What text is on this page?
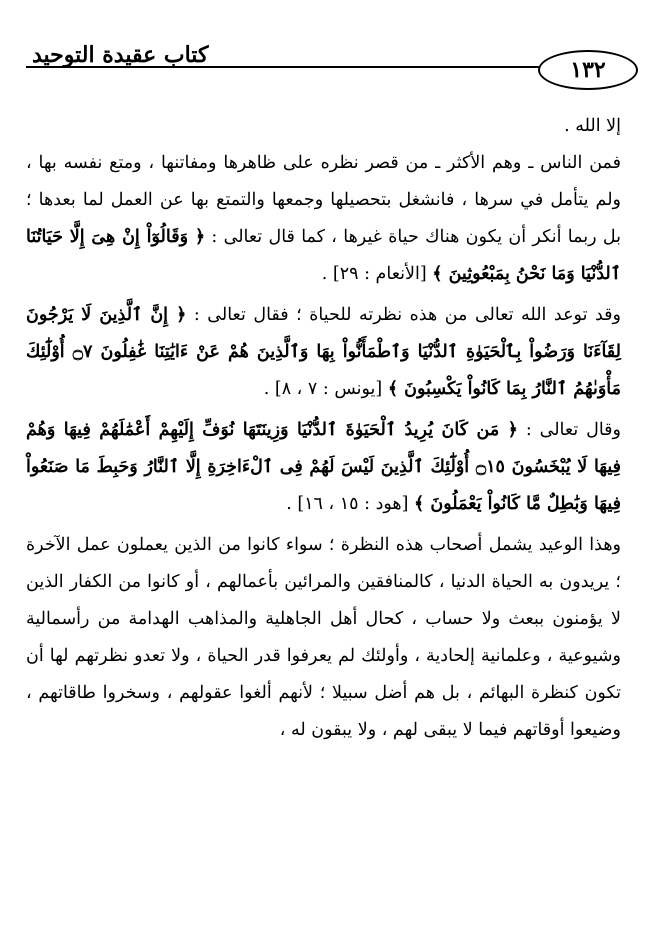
١٣٢
كتاب عقيدة التوحيد

إلا الله .

فمن الناس ـ وهم الأكثر ـ من قصر نظره على ظاهرها ومفاتنها ، ومتع نفسه بها ، ولم يتأمل في سرها ، فانشغل بتحصيلها وجمعها والتمتع بها عن العمل لما بعدها ؛ بل ربما أنكر أن يكون هناك حياة غيرها ، كما قال تعالى : ﴿ وَقَالُوٓاْ إِنْ هِىَ إِلَّا حَيَاتُنَا ٱلدُّنْيَا وَمَا نَحْنُ بِمَبْعُوثِينَ ﴾ [الأنعام : ٢٩] .

وقد توعد الله تعالى من هذه نظرته للحياة ؛ فقال تعالى : ﴿ إِنَّ ٱلَّذِينَ لَا يَرْجُونَ لِقَآءَنَا وَرَضُواْ بِٱلْحَيَوٰةِ ٱلدُّنْيَا وَٱطْمَأَنُّواْ بِهَا وَٱلَّذِينَ هُمْ عَنْ ءَايَٰتِنَا غَٰفِلُونَ ۝٧ أُوْلَٰٓئِكَ مَأْوَىٰهُمُ ٱلنَّارُ بِمَا كَانُواْ يَكْسِبُونَ ﴾ [يونس : ٧ ، ٨] .

وقال تعالى : ﴿ مَن كَانَ يُرِيدُ ٱلْحَيَوٰةَ ٱلدُّنْيَا وَزِينَتَهَا نُوَفِّ إِلَيْهِمْ أَعْمَٰلَهُمْ فِيهَا وَهُمْ فِيهَا لَا يُبْخَسُونَ ۝١٥ أُوْلَٰٓئِكَ ٱلَّذِينَ لَيْسَ لَهُمْ فِى ٱلْءَاخِرَةِ إِلَّا ٱلنَّارُ وَحَبِطَ مَا صَنَعُواْ فِيهَا وَبَٰطِلٌ مَّا كَانُواْ يَعْمَلُونَ ﴾ [هود : ١٥ ، ١٦] .

وهذا الوعيد يشمل أصحاب هذه النظرة ؛ سواء كانوا من الذين يعملون عمل الآخرة ؛ يريدون به الحياة الدنيا ، كالمنافقين والمرائين بأعمالهم ، أو كانوا من الكفار الذين لا يؤمنون ببعث ولا حساب ، كحال أهل الجاهلية والمذاهب الهدامة من رأسمالية وشيوعية ، وعلمانية إلحادية ، وأولئك لم يعرفوا قدر الحياة ، ولا تعدو نظرتهم لها أن تكون كنظرة البهائم ، بل هم أضل سبيلا ؛ لأنهم ألغوا عقولهم ، وسخروا طاقاتهم ، وضيعوا أوقاتهم فيما لا يبقى لهم ، ولا يبقون له ،
